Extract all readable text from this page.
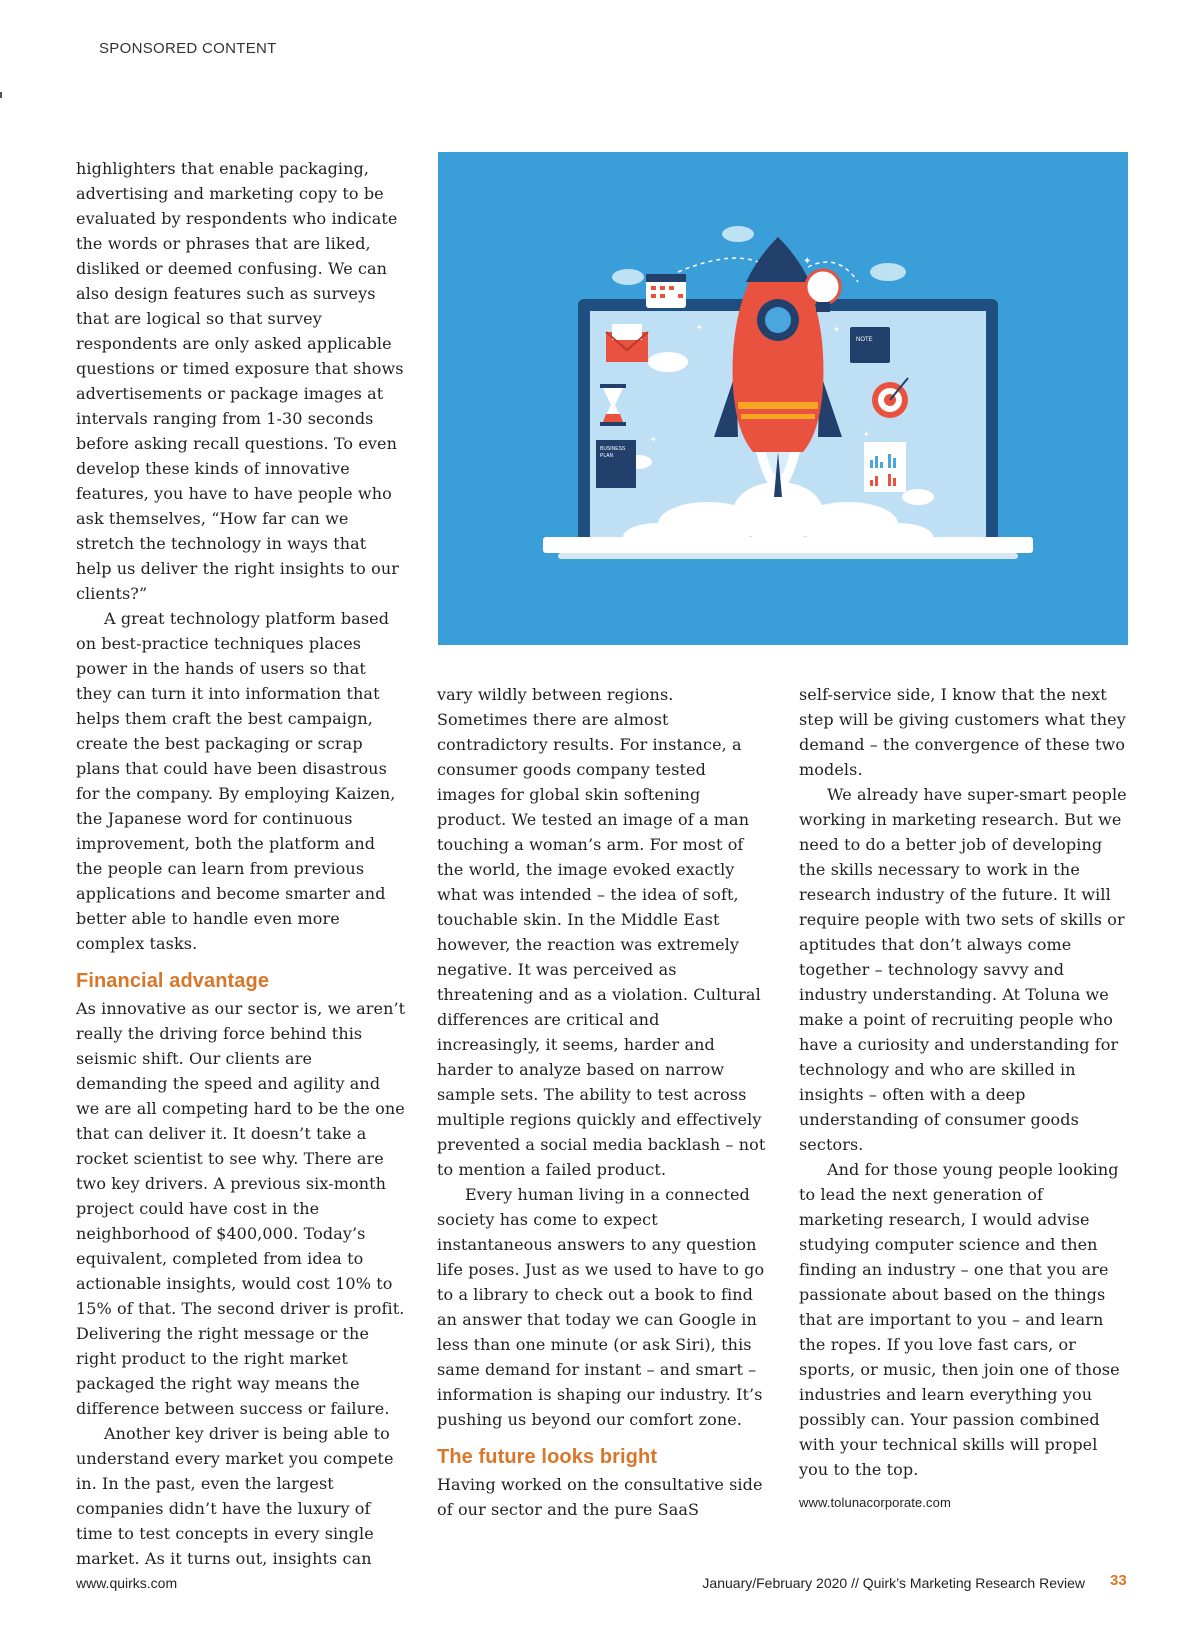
SPONSORED CONTENT

highlighters that enable packaging, advertising and marketing copy to be evaluated by respondents who indicate the words or phrases that are liked, disliked or deemed confusing. We can also design features such as surveys that are logical so that survey respondents are only asked applicable questions or timed exposure that shows advertisements or package images at intervals ranging from 1-30 seconds before asking recall questions. To even develop these kinds of innovative features, you have to have people who ask themselves, “How far can we stretch the technology in ways that help us deliver the right insights to our clients?”

A great technology platform based on best-practice techniques places power in the hands of users so that they can turn it into information that helps them craft the best campaign, create the best packaging or scrap plans that could have been disastrous for the company. By employing Kaizen, the Japanese word for continuous improvement, both the platform and the people can learn from previous applications and become smarter and better able to handle even more complex tasks.

Financial advantage

As innovative as our sector is, we aren’t really the driving force behind this seismic shift. Our clients are demanding the speed and agility and we are all competing hard to be the one that can deliver it. It doesn’t take a rocket scientist to see why. There are two key drivers. A previous six-month project could have cost in the neighborhood of $400,000. Today’s equivalent, completed from idea to actionable insights, would cost 10% to 15% of that. The second driver is profit. Delivering the right message or the right product to the right market packaged the right way means the difference between success or failure.

Another key driver is being able to understand every market you compete in. In the past, even the largest companies didn’t have the luxury of time to test concepts in every single market. As it turns out, insights can

NOTE
BUSINESS
PLAN
✦
✦
✦
✦
✦

vary wildly between regions. Sometimes there are almost contradictory results. For instance, a consumer goods company tested images for global skin softening product. We tested an image of a man touching a woman’s arm. For most of the world, the image evoked exactly what was intended – the idea of soft, touchable skin. In the Middle East however, the reaction was extremely negative. It was perceived as threatening and as a violation. Cultural differences are critical and increasingly, it seems, harder and harder to analyze based on narrow sample sets. The ability to test across multiple regions quickly and effectively prevented a social media backlash – not to mention a failed product.

Every human living in a connected society has come to expect instantaneous answers to any question life poses. Just as we used to have to go to a library to check out a book to find an answer that today we can Google in less than one minute (or ask Siri), this same demand for instant – and smart – information is shaping our industry. It’s pushing us beyond our comfort zone.

The future looks bright

Having worked on the consultative side of our sector and the pure SaaS

self-service side, I know that the next step will be giving customers what they demand – the convergence of these two models.

We already have super-smart people working in marketing research. But we need to do a better job of developing the skills necessary to work in the research industry of the future. It will require people with two sets of skills or aptitudes that don’t always come together – technology savvy and industry understanding. At Toluna we make a point of recruiting people who have a curiosity and understanding for technology and who are skilled in insights – often with a deep understanding of consumer goods sectors.

And for those young people looking to lead the next generation of marketing research, I would advise studying computer science and then finding an industry – one that you are passionate about based on the things that are important to you – and learn the ropes. If you love fast cars, or sports, or music, then join one of those industries and learn everything you possibly can. Your passion combined with your technical skills will propel you to the top.

www.tolunacorporate.com

www.quirks.com	January/February 2020 // Quirk’s Marketing Research Review 33
